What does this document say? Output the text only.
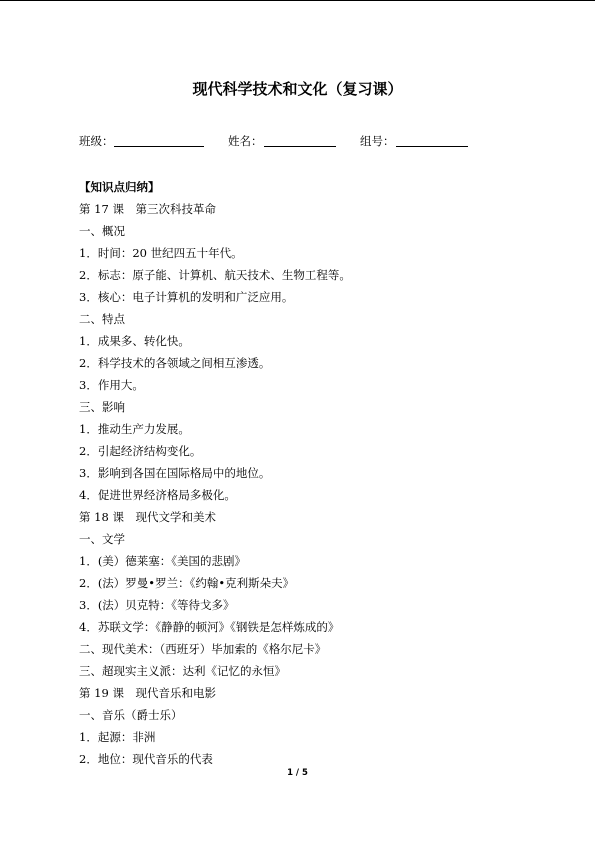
现代科学技术和文化（复习课）
班级：	姓名：	组号：
【知识点归纳】
第 17 课　第三次科技革命
一、概况
1．时间：20 世纪四五十年代。
2．标志：原子能、计算机、航天技术、生物工程等。
3．核心：电子计算机的发明和广泛应用。
二、特点
1．成果多、转化快。
2．科学技术的各领域之间相互渗透。
3．作用大。
三、影响
1．推动生产力发展。
2．引起经济结构变化。
3．影响到各国在国际格局中的地位。
4．促进世界经济格局多极化。
第 18 课　现代文学和美术
一、文学
1．(美）德莱塞：《美国的悲剧》
2．(法）罗曼•罗兰：《约翰•克利斯朵夫》
3．(法）贝克特：《等待戈多》
4．苏联文学：《静静的顿河》《钢铁是怎样炼成的》
二、现代美术：（西班牙）毕加索的《格尔尼卡》
三、超现实主义派：达利《记忆的永恒》
第 19 课　现代音乐和电影
一、音乐（爵士乐）
1．起源：非洲
2．地位：现代音乐的代表
1 / 5
